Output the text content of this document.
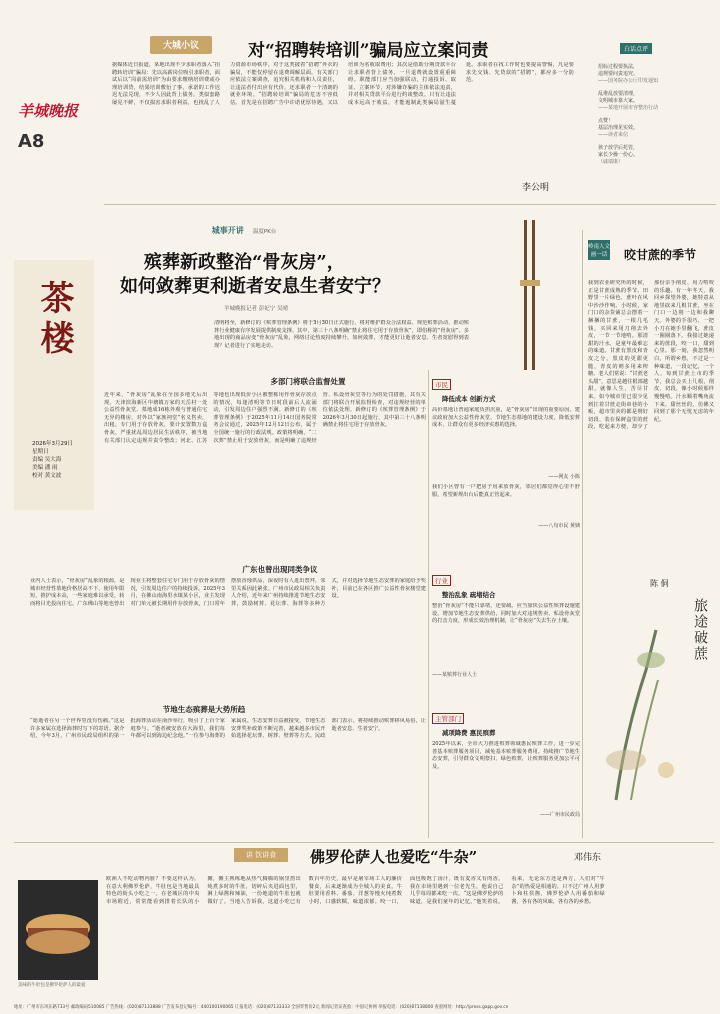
大城小议	对“招聘转培训”骗局应立案问责
据媒体近日报道，某地出现不少求职者落入“招聘转培训”骗局：先以高薪岗位吸引求职者，面试后以“岗前需培训”为由要求缴纳培训费或办理培训贷，结果培训敷衍了事，承诺的工作迟迟无法兑现，不少人因此背上债务。类似套路屡见不鲜，不仅损害求职者利益，也扰乱了人力资源市场秩序。对于这类披着“招聘”外衣的骗局，不能仅停留在退费调解层面，有关部门应依法立案调查，追究相关机构和人员责任，让违法者付出应有代价，还求职者一个清朗的就业环境。“招聘转培训”骗局的危害不容低估。首先是在招聘广告中许诺优厚待遇，又以培训为名收取费用；其次是借助分期贷款平台让求职者背上债务，一旦退费就设置重重障碍。职能部门应当加强联动，打通投诉、取证、立案环节，对涉嫌诈骗的主体依法追责，并对相关贷款平台进行约谈整改。只有让违法成本远高于收益，才能遏制此类骗局滋生蔓延。求职者在找工作时也要提高警惕，凡是要求先交钱、先贷款的“招聘”，都应多一分防范。
李公明
羊城晚报
A8
白话点评
招标过程要执法，
违规要问责追究。
——国务院办公厅印发通知
乱堆乱放要清理，
文明城市靠大家。
——某地开展市容整治行动
点赞！
基层治理见实效。
——读者来信
孩子放学后托管，
家长少操一份心。
（戚瑞康）
茶楼
2026年3月29日
星期日
责编 吴大海
美编 潘 雨
校对 黄文波
城事开讲 温度PK台
殡葬新政整治“骨灰房”，
如何敛葬更利逝者安息生者安宁？
羊城晚报记者 彭妃宁 吴晴
清明将至，新修订的《殡葬管理条例》将于3月30日正式施行，将对维护群众合法权益、规范殡葬活动、推动殡葬行业健康有序发展提供制度支撑。其中，第三十八条明确“禁止将住宅用于存放骨灰”，即俗称的“骨灰房”。多地出现的商品房变“骨灰房”乱象，网络讨论热度持续攀升。如何敛葬，才能更好让逝者安息、生者宽慰得到表现？记者进行了实地走访。
岭南人文
画一话 咬甘蔗的季节
多部门将联合监督处置
近年来，“骨灰房”乱象在全国多地先后出现。天津滨海新区中塘镇万家的天岳村一处公益性骨灰堂、墓地成16栋外观与普通住宅无异的楼房，对外以“家族祠堂”名义售卖，出租。专门用于存放骨灰，要计安置数万盒骨灰。严重扰乱周边居民生活秩序，被当地有关部门认定违规并责令整改；河北、江苏等地也出现低价小区被整栋用作骨灰存放点的情况，每逢清明等节日时段前后人流涌动，引发周边住户强烈不满。新修订的《殡葬管理条例》于2025年11月14日国务院常务会议通过，2025年12月12日公布，属于全国统一施行的行政法规。政策将明确，“二次葬”禁止用于安放骨灰，而是明确了违规经营、私设骨灰堂等行为的处罚措施，其有关部门将联合开展监督检查，对违规经营的单位依法处理。新修订的《殡葬管理条例》于2026年3月30日起施行，其中第三十八条明确禁止将住宅用于存放骨灰。
市民
降低成本 创新方式
高价墓地让普通家庭负担沉重，是“骨灰房”出现的重要原因。建议政府加大公益性骨灰堂、节地生态墓地的建设力度，降低安葬成本，让群众有更多经济实惠的选择。
——网友 小陈
我们小区曾有一户把房子用来放骨灰，邻居们都觉得心里不舒服，希望新规出台后能真正管起来。
——八旬市民 黄姨
行业
整治乱象 疏堵结合
整治“骨灰房”不能只靠堵，还要疏。应当加快公益性殡葬设施建设，增加节地生态安葬供给，同时加大对违规售卖、私设骨灰堂的打击力度，形成长效治理机制，让“骨灰房”失去生存土壤。
——某殡葬行业人士
主管部门
减项降费 惠民殡葬
2025年以来，全市大力推进殡葬领域惠民殡葬工作，进一步完善基本殡葬服务项目，减免基本殡葬服务费用。持续推广节地生态安葬，引导群众文明祭扫、绿色殡葬，让殡葬服务更加公平可及。
——广州市民政局
广东也曾出现同类争议
业内人士表示，“骨灰房”乱象的根源，是城市经营性墓地价格居高不下、使用年限短，推护成本高，一些家庭难以承受，转而将目光投向住宅。广东佛山等地也曾出现业主将整套住宅专门用于存放骨灰的情况，引发周边住户的持续投诉。2025年3月，在佛山南海里水镇某小区，业主发现对门单元被长期用作存放骨灰，门口常年摆放香烛供品，深夜时有人进出祭拜，邻里关系因此紧张。广州市民政局相关负责人介绍，近年来广州持续推进节地生态安葬，鼓励树葬、花坛葬、海葬等多种方式，并对选择节地生态安葬的家庭给予奖补，目前已在各区推广公益性骨灰楼堂建设。
节地生态殡葬是大势所趋
“愿逝者在另一个世界里没有伤痛。”这是许多家属在选择海葬时写下的寄语。据介绍，今年3月，广州市民政局组织的第一批海葬活动在南沙举行，吸引了上百个家庭参与。“逝者被安放在大海里，我们每年都可以到海边纪念他。”一位参与海葬的家属说。生态安葬日益被接受，节地生态安葬奖补政策不断完善，越来越多市民开始选择花坛葬、树葬、壁葬等方式。民政部门表示，将持续推动殡葬移风易俗，让逝者安息、生者安宁。
我到农业研究所的时候，正是甘蔗成熟的季节。田野里一片绿色，蔗叶在风中沙沙作响。小时候，家门口的杂货铺总会摆着一捆捆的甘蔗，一根几毛钱，买回来用刀削去外皮，一节一节地啃。那清甜的汁水，是童年最难忘的味道。甘蔗有黑皮和青皮之分，黑皮的更甜更脆，青皮的则多用来榨糖。老人们常说：“甘蔗老头甜”，意思是越往根部越甜，就像人生，苦尽甘来。如今城市里已很少见到扛着甘蔗走街串巷的小贩，超市里卖的都是削好切段、装在保鲜盒里的蔗段，吃起来方便，却少了那份亲手削皮、用力啃咬的乐趣。有一年冬天，我回乡探望外婆，她特意从地里砍来几根甘蔗，坐在门口一边削一边和我聊天。外婆的手很巧，一把小刀在她手里翻飞，蔗皮一圈圈落下。我接过她递来的蔗段，咬一口，甜到心里。那一刻，我忽然明白，所谓乡愁，不过是一种味道，一段记忆，一个人。每到甘蔗上市的季节，我总会买上几根，削皮、切段，像小时候那样慢慢啃。汁水顺着嘴角流下来，甜丝丝的，仿佛又回到了那个无忧无虑的年纪。
陈 侗
旅途破蔗
讲 饮讲食	佛罗伦萨人也爱吃“牛杂”	邓伟东
美味的牛肚包是佛罗伦萨人的最爱
欧洲人不吃动物内脏？不要这样认为。在意大利佛罗伦萨，牛肚包是当地最具特色的街头小吃之一。在老城区的中央市场附近，常常能看到排着长队的小摊，摊主熟练地从热气腾腾的锅里捞出炖煮多时的牛肚，切碎后夹进面包里，淋上绿酱和辣油，一份地道的牛肚包就做好了。当地人告诉我，这道小吃已有数百年历史，最早是屠宰场工人的廉价餐食，后来逐渐成为全城人的美食。牛肚要用香料、番茄、洋葱等慢火炖煮数小时，口感软糯，味道浓郁。咬一口，面包吸饱了汤汁，既有麦香又有肉香。我在市场里遇到一位老先生，他说自己几乎每周都来吃一次。“这是佛罗伦萨的味道，是我们童年的记忆。”他笑着说。看来，无论东方还是西方，人们对“牛杂”的热爱是相通的。只不过广州人用萝卜和柱侯酱，佛罗伦萨人用番茄和绿酱，各有各的风味，各有各的乡愁。
地址：广州市东风东路733号 邮政编码510085 广告热线：(020)87133888 广告发布登记编号：440100190065 订报电话：(020)87133333 全国零售价2元 新闻记者证查验：中国记协网 举报电话：(020)87138800 查验网址：http://press.gapp.gov.cn
